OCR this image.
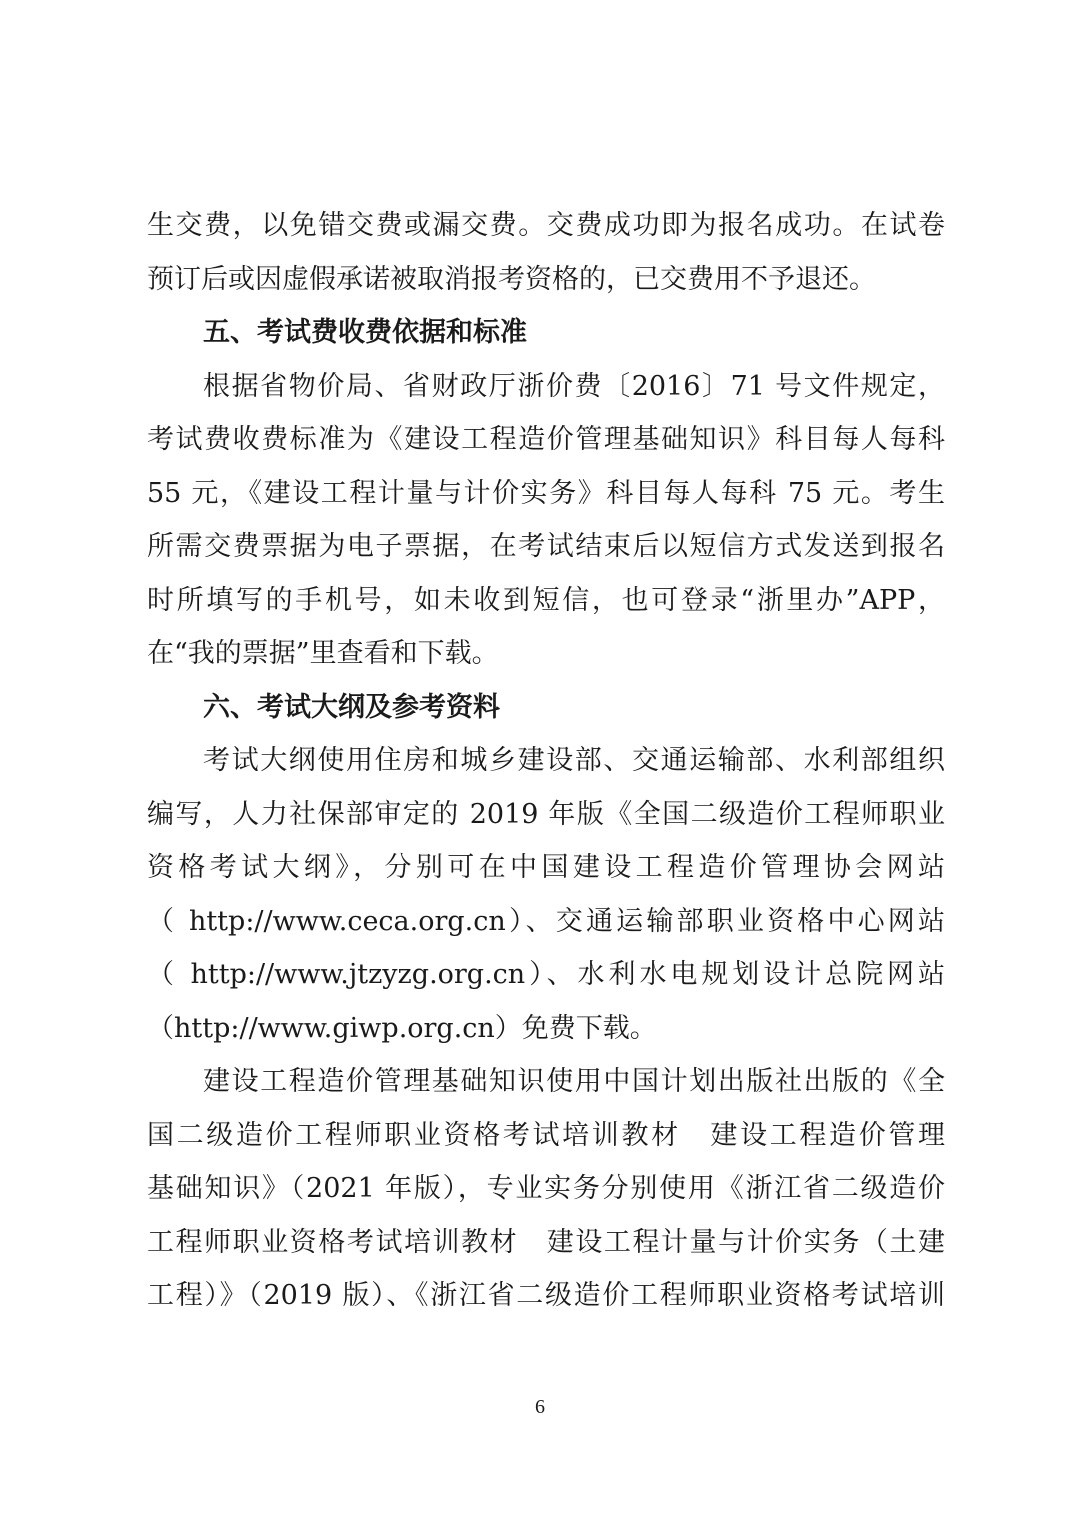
生交费，以免错交费或漏交费。交费成功即为报名成功。在试卷
预订后或因虚假承诺被取消报考资格的，已交费用不予退还。
五、考试费收费依据和标准
根据省物价局、省财政厅浙价费〔2016〕71 号文件规定，
考试费收费标准为《建设工程造价管理基础知识》科目每人每科
55 元，《建设工程计量与计价实务》科目每人每科 75 元。考生
所需交费票据为电子票据，在考试结束后以短信方式发送到报名
时所填写的手机号，如未收到短信，也可登录“浙里办”APP，
在“我的票据”里查看和下载。
六、考试大纲及参考资料
考试大纲使用住房和城乡建设部、交通运输部、水利部组织
编写，人力社保部审定的 2019 年版《全国二级造价工程师职业
资格考试大纲》，分别可在中国建设工程造价管理协会网站
（ http://www.ceca.org.cn）、交通运输部职业资格中心网站
（ http://www.jtzyzg.org.cn）、水利水电规划设计总院网站
（http://www.giwp.org.cn）免费下载。
建设工程造价管理基础知识使用中国计划出版社出版的《全
国二级造价工程师职业资格考试培训教材　建设工程造价管理
基础知识》（2021 年版），专业实务分别使用《浙江省二级造价
工程师职业资格考试培训教材　建设工程计量与计价实务（土建
工程）》（2019 版）、《浙江省二级造价工程师职业资格考试培训
6
